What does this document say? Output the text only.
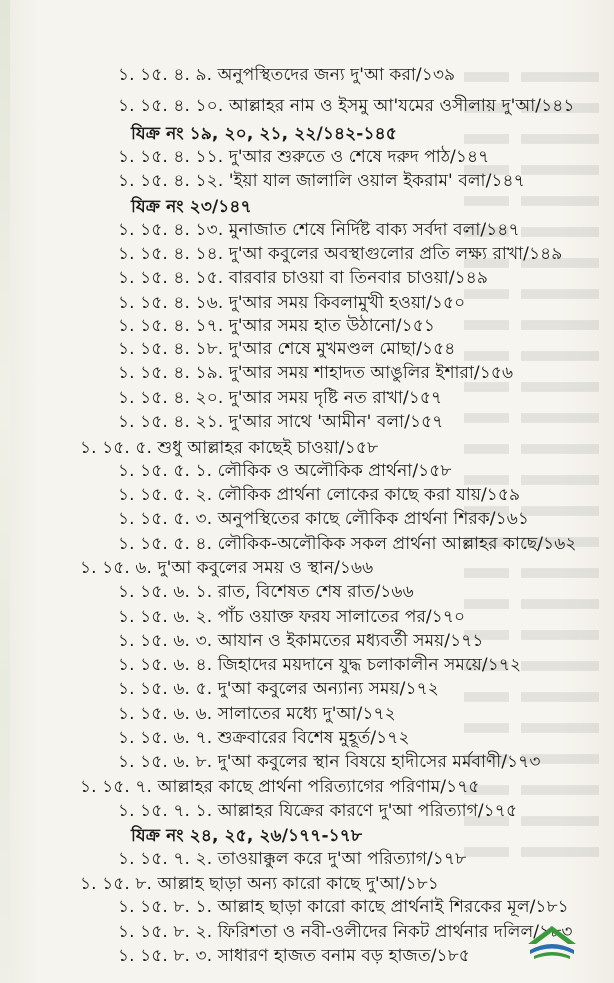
১. ১৫. ৪. ৯. অনুপস্থিতদের জন্য দু'আ করা/১৩৯
১. ১৫. ৪. ১০. আল্লাহর নাম ও ইসমু আ'যমের ওসীলায় দু'আ/১৪১
যিক্র নং ১৯, ২০, ২১, ২২/১৪২-১৪৫
১. ১৫. ৪. ১১. দু'আর শুরুতে ও শেষে দরুদ পাঠ/১৪৭
১. ১৫. ৪. ১২. 'ইয়া যাল জালালি ওয়াল ইকরাম' বলা/১৪৭
যিক্র নং ২৩/১৪৭
১. ১৫. ৪. ১৩. মুনাজাত শেষে নির্দিষ্ট বাক্য সর্বদা বলা/১৪৭
১. ১৫. ৪. ১৪. দু'আ কবুলের অবস্থাগুলোর প্রতি লক্ষ্য রাখা/১৪৯
১. ১৫. ৪. ১৫. বারবার চাওয়া বা তিনবার চাওয়া/১৪৯
১. ১৫. ৪. ১৬. দু'আর সময় কিবলামুখী হওয়া/১৫০
১. ১৫. ৪. ১৭. দু'আর সময় হাত উঠানো/১৫১
১. ১৫. ৪. ১৮. দু'আর শেষে মুখমণ্ডল মোছা/১৫৪
১. ১৫. ৪. ১৯. দু'আর সময় শাহাদত আঙুলির ইশারা/১৫৬
১. ১৫. ৪. ২০. দু'আর সময় দৃষ্টি নত রাখা/১৫৭
১. ১৫. ৪. ২১. দু'আর সাথে 'আমীন' বলা/১৫৭
১. ১৫. ৫. শুধু আল্লাহর কাছেই চাওয়া/১৫৮
১. ১৫. ৫. ১. লৌকিক ও অলৌকিক প্রার্থনা/১৫৮
১. ১৫. ৫. ২. লৌকিক প্রার্থনা লোকের কাছে করা যায়/১৫৯
১. ১৫. ৫. ৩. অনুপস্থিতের কাছে লৌকিক প্রার্থনা শিরক/১৬১
১. ১৫. ৫. ৪. লৌকিক-অলৌকিক সকল প্রার্থনা আল্লাহর কাছে/১৬২
১. ১৫. ৬. দু'আ কবুলের সময় ও স্থান/১৬৬
১. ১৫. ৬. ১. রাত, বিশেষত শেষ রাত/১৬৬
১. ১৫. ৬. ২. পাঁচ ওয়াক্ত ফরয সালাতের পর/১৭০
১. ১৫. ৬. ৩. আযান ও ইকামতের মধ্যবর্তী সময়/১৭১
১. ১৫. ৬. ৪. জিহাদের ময়দানে যুদ্ধ চলাকালীন সময়ে/১৭২
১. ১৫. ৬. ৫. দু'আ কবুলের অন্যান্য সময়/১৭২
১. ১৫. ৬. ৬. সালাতের মধ্যে দু'আ/১৭২
১. ১৫. ৬. ৭. শুক্রবারের বিশেষ মুহূর্ত/১৭২
১. ১৫. ৬. ৮. দু'আ কবুলের স্থান বিষয়ে হাদীসের মর্মবাণী/১৭৩
১. ১৫. ৭. আল্লাহর কাছে প্রার্থনা পরিত্যাগের পরিণাম/১৭৫
১. ১৫. ৭. ১. আল্লাহর যিক্রের কারণে দু'আ পরিত্যাগ/১৭৫
যিক্র নং ২৪, ২৫, ২৬/১৭৭-১৭৮
১. ১৫. ৭. ২. তাওয়াক্কুল করে দু'আ পরিত্যাগ/১৭৮
১. ১৫. ৮. আল্লাহ ছাড়া অন্য কারো কাছে দু'আ/১৮১
১. ১৫. ৮. ১. আল্লাহ ছাড়া কারো কাছে প্রার্থনাই শিরকের মূল/১৮১
১. ১৫. ৮. ২. ফিরিশতা ও নবী-ওলীদের নিকট প্রার্থনার দলিল/১৮৩
১. ১৫. ৮. ৩. সাধারণ হাজত বনাম বড় হাজত/১৮৫
